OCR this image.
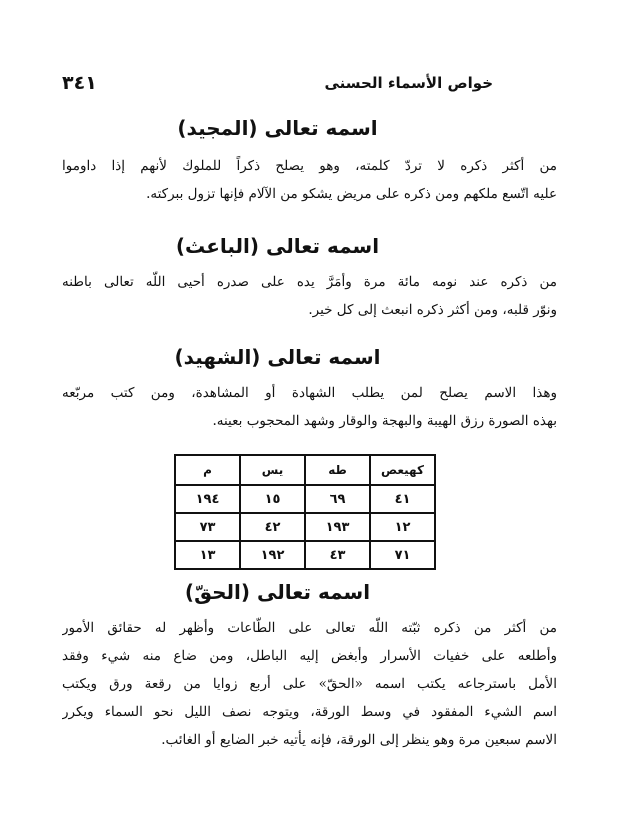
٣٤١	خواص الأسماء الحسنى
اسمه تعالى (المجيد)
من أكثر ذكره لا تردّ كلمته، وهو يصلح ذكراً للملوك لأنهم إذا داوموا
عليه اتّسع ملكهم ومن ذكره على مريض يشكو من الآلام فإنها تزول ببركته.
اسمه تعالى (الباعث)
من ذكره عند نومه مائة مرة وأمَرَّ يده على صدره أحيى اللّه تعالى باطنه
ونوّر قلبه، ومن أكثر ذكره انبعث إلى كل خير.
اسمه تعالى (الشهيد)
وهذا الاسم يصلح لمن يطلب الشهادة أو المشاهدة، ومن كتب مربّعه
بهذه الصورة رزق الهيبة والبهجة والوقار وشهد المحجوب بعينه.
كهيعص	طه	يس	م
٤١	٦٩	١٥	١٩٤
١٢	١٩٣	٤٢	٧٣
٧١	٤٣	١٩٢	١٣
اسمه تعالى (الحقّ)
من أكثر من ذكره ثبّته اللّه تعالى على الطّاعات وأظهر له حقائق الأمور
وأطلعه على خفيات الأسرار وأبغض إليه الباطل، ومن ضاع منه شيء وفقد
الأمل باسترجاعه يكتب اسمه «الحقّ» على أربع زوايا من رقعة ورق ويكتب
اسم الشيء المفقود في وسط الورقة، ويتوجه نصف الليل نحو السماء ويكرر
الاسم سبعين مرة وهو ينظر إلى الورقة، فإنه يأتيه خبر الضايع أو الغائب.
